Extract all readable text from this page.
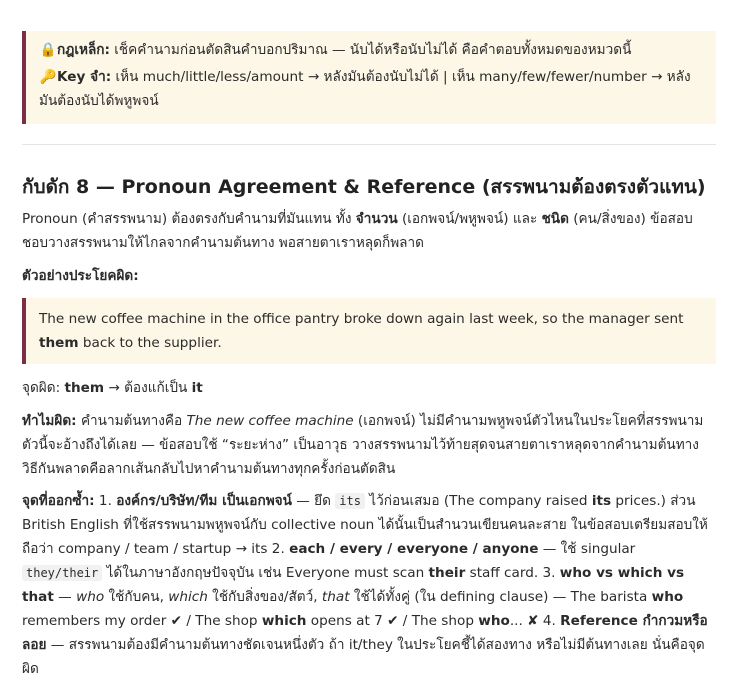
🔒กฎเหล็ก: เช็คคำนามก่อนตัดสินคำบอกปริมาณ — นับได้หรือนับไม่ได้ คือคำตอบทั้งหมดของหมวดนี้

🔑Key จำ: เห็น much/little/less/amount → หลังมันต้องนับไม่ได้ | เห็น many/few/fewer/number → หลังมันต้องนับได้พหูพจน์

กับดัก 8 — Pronoun Agreement & Reference (สรรพนามต้องตรงตัวแทน)

Pronoun (คำสรรพนาม) ต้องตรงกับคำนามที่มันแทน ทั้ง จำนวน (เอกพจน์/พหูพจน์) และ ชนิด (คน/สิ่งของ) ข้อสอบชอบวางสรรพนามให้ไกลจากคำนามต้นทาง พอสายตาเราหลุดก็พลาด

ตัวอย่างประโยคผิด:

The new coffee machine in the office pantry broke down again last week, so the manager sent them back to the supplier.

จุดผิด: them → ต้องแก้เป็น it

ทำไมผิด: คำนามต้นทางคือ The new coffee machine (เอกพจน์) ไม่มีคำนามพหูพจน์ตัวไหนในประโยคที่สรรพนามตัวนี้จะอ้างถึงได้เลย — ข้อสอบใช้ “ระยะห่าง” เป็นอาวุธ วางสรรพนามไว้ท้ายสุดจนสายตาเราหลุดจากคำนามต้นทาง วิธีกันพลาดคือลากเส้นกลับไปหาคำนามต้นทางทุกครั้งก่อนตัดสิน

จุดที่ออกซ้ำ: 1. องค์กร/บริษัท/ทีม เป็นเอกพจน์ — ยึด its ไว้ก่อนเสมอ (The company raised its prices.) ส่วน British English ที่ใช้สรรพนามพหูพจน์กับ collective noun ได้นั้นเป็นสำนวนเขียนคนละสาย ในข้อสอบเตรียมสอบให้ถือว่า company / team / startup → its 2. each / every / everyone / anyone — ใช้ singular they/their ได้ในภาษาอังกฤษปัจจุบัน เช่น Everyone must scan their staff card. 3. who vs which vs that — who ใช้กับคน, which ใช้กับสิ่งของ/สัตว์, that ใช้ได้ทั้งคู่ (ใน defining clause) — The barista who remembers my order ✔ / The shop which opens at 7 ✔ / The shop who... ✘ 4. Reference กำกวมหรือลอย — สรรพนามต้องมีคำนามต้นทางชัดเจนหนึ่งตัว ถ้า it/they ในประโยคชี้ได้สองทาง หรือไม่มีต้นทางเลย นั่นคือจุดผิด
